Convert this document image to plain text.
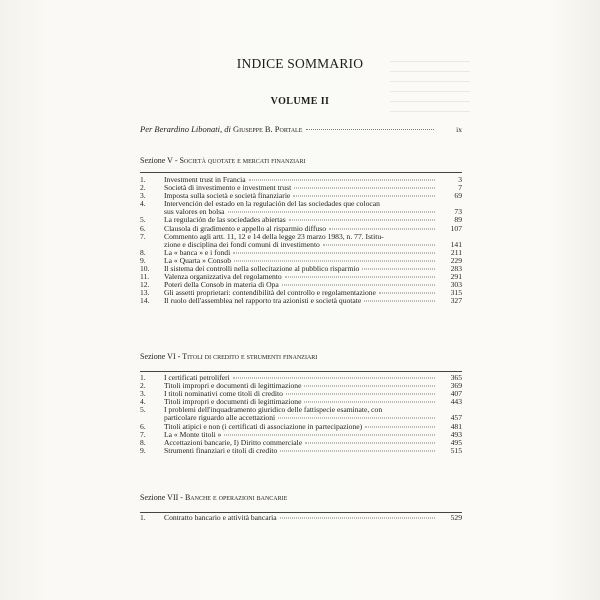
INDICE SOMMARIO
VOLUME II
Per Berardino Libonati, di Giuseppe B. Portale	ix
Sezione V - Società quotate e mercati finanziari
1.	Investment trust in Francia	3
2.	Società di investimento e investment trust	7
3.	Imposta sulla società e società finanziarie	69
4.	Intervención del estado en la regulación del las sociedades que colocan
sus valores en bolsa	73
5.	La regulación de las sociedades abiertas	89
6.	Clausola di gradimento e appello al risparmio diffuso	107
7.	Commento agli artt. 11, 12 e 14 della legge 23 marzo 1983, n. 77. Istitu-
zione e disciplina dei fondi comuni di investimento	141
8.	La « banca » e i fondi	211
9.	La « Quarta » Consob	229
10.	Il sistema dei controlli nella sollecitazione al pubblico risparmio	283
11.	Valenza organizzativa del regolamento	291
12.	Poteri della Consob in materia di Opa	303
13.	Gli assetti proprietari: contendibilità del controllo e regolamentazione	315
14.	Il ruolo dell'assemblea nel rapporto tra azionisti e società quotate	327
Sezione VI - Titoli di credito e strumenti finanziari
1.	I certificati petroliferi	365
2.	Titoli impropri e documenti di legittimazione	369
3.	I titoli nominativi come titoli di credito	407
4.	Titoli impropri e documenti di legittimazione	443
5.	I problemi dell'inquadramento giuridico delle fattispecie esaminate, con
particolare riguardo alle accettazioni	457
6.	Titoli atipici e non (i certificati di associazione in partecipazione)	481
7.	La « Monte titoli »	493
8.	Accettazioni bancarie, I) Diritto commerciale	495
9.	Strumenti finanziari e titoli di credito	515
Sezione VII - Banche e operazioni bancarie
1.	Contratto bancario e attività bancaria	529
